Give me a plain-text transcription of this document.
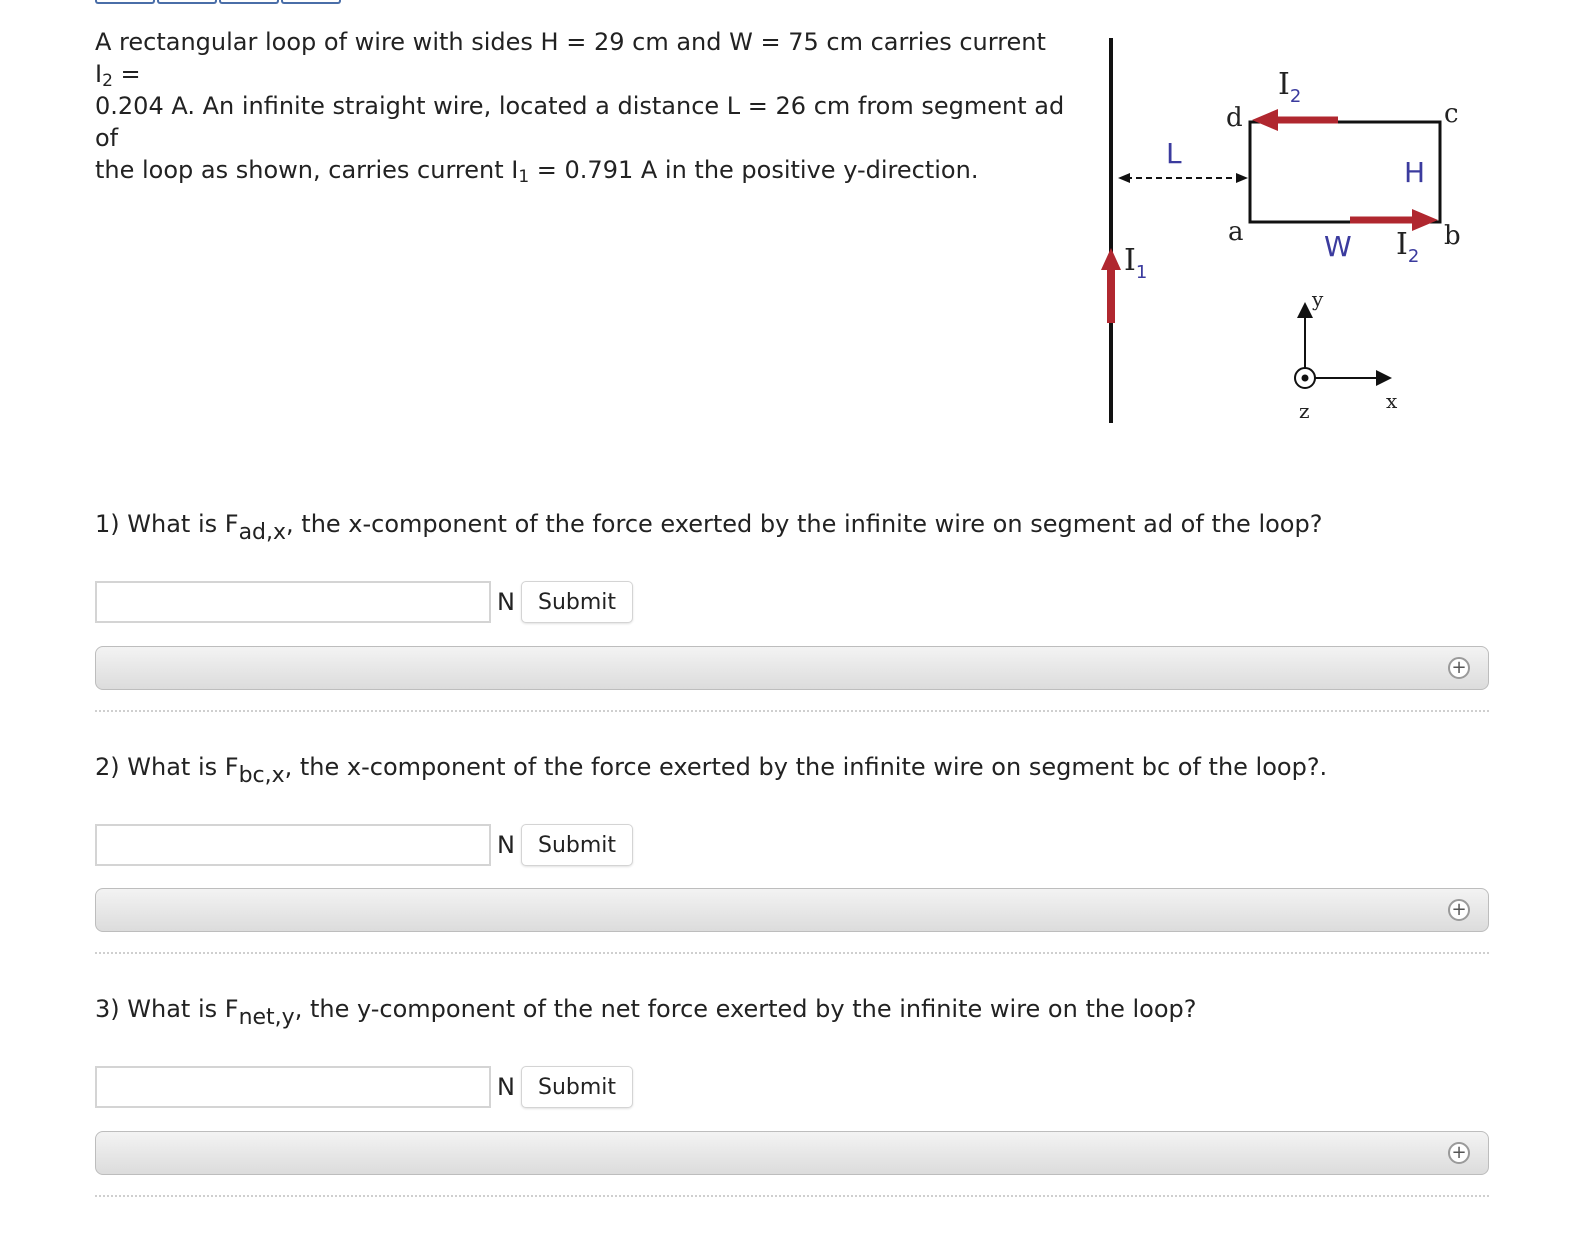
A rectangular loop of wire with sides H = 29 cm and W = 75 cm carries current $I_2$ =

0.204 A. An infinite straight wire, located a distance L = 26 cm from segment ad of

the loop as shown, carries current $I_1 = 0.791$ A in the positive y-direction.

$I_1$
L
d
a
c
b
$I_2$
$I_2$
H
W
y
x
z

1) What is Fad,x, the x-component of the force exerted by the infinite wire on segment ad of the loop?

N	Submit
+

2) What is Fbc,x, the x-component of the force exerted by the infinite wire on segment bc of the loop?.

N	Submit
+

3) What is Fnet,y, the y-component of the net force exerted by the infinite wire on the loop?

N	Submit
+
